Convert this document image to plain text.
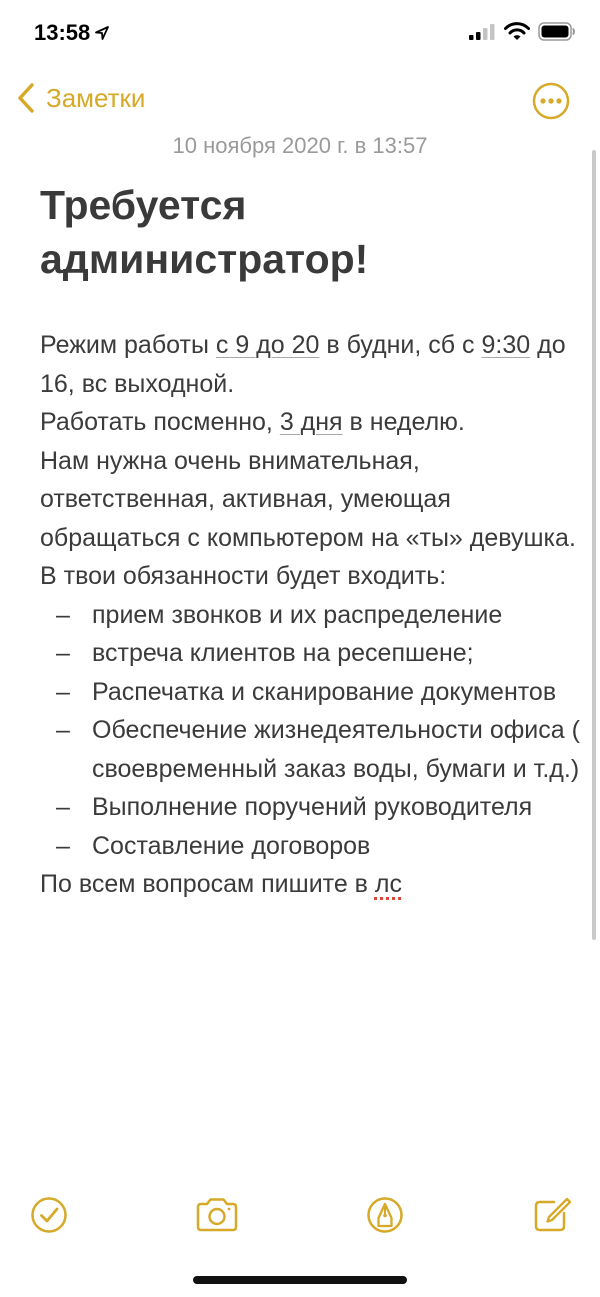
13:58
Заметки
10 ноября 2020 г. в 13:57
Требуется
администратор!

Режим работы с 9 до 20 в будни, сб с 9:30 до 16, вс выходной.

Работать посменно, 3 дня в неделю.

Нам нужна очень внимательная, ответственная, активная, умеющая обращаться с компьютером на «ты» девушка.

В твои обязанности будет входить:

– прием звонков и их распределение
– встреча клиентов на ресепшене;
– Распечатка и сканирование документов
– Обеспечение жизнедеятельности офиса ( своевременный заказ воды, бумаги и т.д.)
– Выполнение поручений руководителя
– Составление договоров

По всем вопросам пишите в лс
